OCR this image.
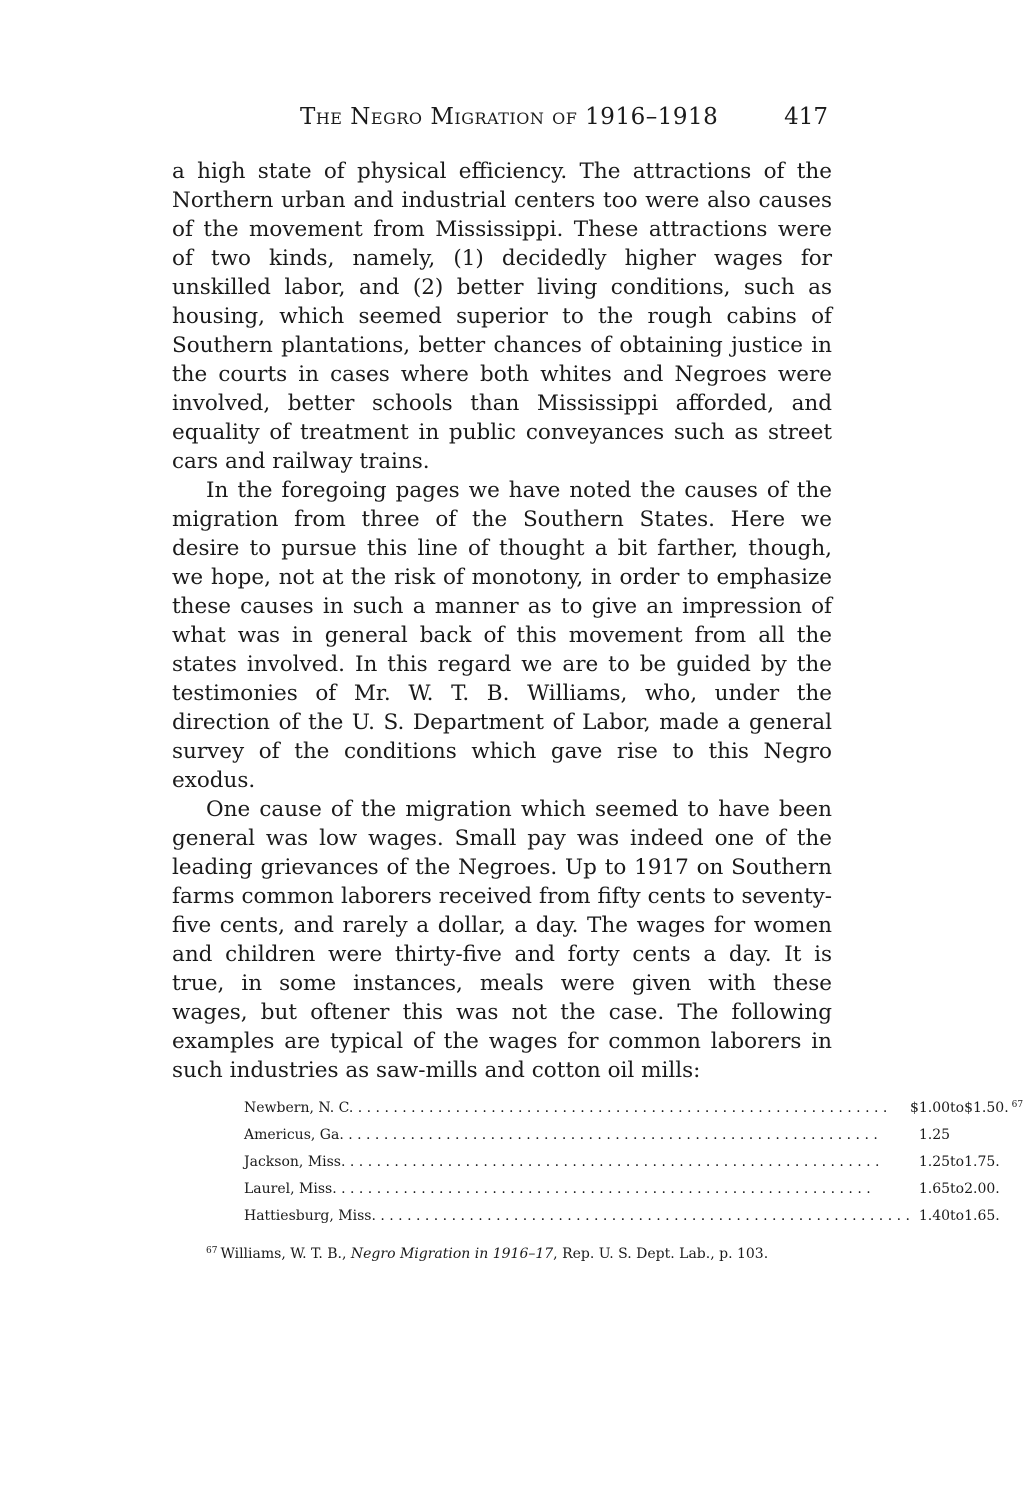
The Negro Migration of 1916–1918	417

a high state of physical efficiency. The attractions of the Northern urban and industrial centers too were also causes of the movement from Mississippi. These attractions were of two kinds, namely, (1) decidedly higher wages for unskilled labor, and (2) better living conditions, such as housing, which seemed superior to the rough cabins of Southern plantations, better chances of obtaining justice in the courts in cases where both whites and Negroes were involved, better schools than Mississippi afforded, and equality of treatment in public conveyances such as street cars and railway trains.

In the foregoing pages we have noted the causes of the migration from three of the Southern States. Here we desire to pursue this line of thought a bit farther, though, we hope, not at the risk of monotony, in order to emphasize these causes in such a manner as to give an impression of what was in general back of this movement from all the states involved. In this regard we are to be guided by the testimonies of Mr. W. T. B. Williams, who, under the direction of the U. S. Department of Labor, made a general survey of the conditions which gave rise to this Negro exodus.

One cause of the migration which seemed to have been general was low wages. Small pay was indeed one of the leading grievances of the Negroes. Up to 1917 on Southern farms common laborers received from fifty cents to seventy-five cents, and rarely a dollar, a day. The wages for women and children were thirty-five and forty cents a day. It is true, in some instances, meals were given with these wages, but oftener this was not the case. The following examples are typical of the wages for common laborers in such industries as saw-mills and cotton oil mills:

Newbern, N. C. . . . . . . . . . . . . . . . . . . . . . . . . . . . . . . . . . . . . . . . . . . . . . . . . . . . . . . . . . . . .	$1.00	to	$1.50. $^{67}$
Americus, Ga. . . . . . . . . . . . . . . . . . . . . . . . . . . . . . . . . . . . . . . . . . . . . . . . . . . . . . . . . . . . .	1.25		
Jackson, Miss. . . . . . . . . . . . . . . . . . . . . . . . . . . . . . . . . . . . . . . . . . . . . . . . . . . . . . . . . . . . .	1.25	to	1.75.
Laurel, Miss. . . . . . . . . . . . . . . . . . . . . . . . . . . . . . . . . . . . . . . . . . . . . . . . . . . . . . . . . . . . .	1.65	to	2.00.
Hattiesburg, Miss. . . . . . . . . . . . . . . . . . . . . . . . . . . . . . . . . . . . . . . . . . . . . . . . . . . . . . . . . . . . .	1.40	to	1.65.
$^{67}$ Williams, W. T. B., Negro Migration in 1916–17, Rep. U. S. Dept. Lab., p. 103.
